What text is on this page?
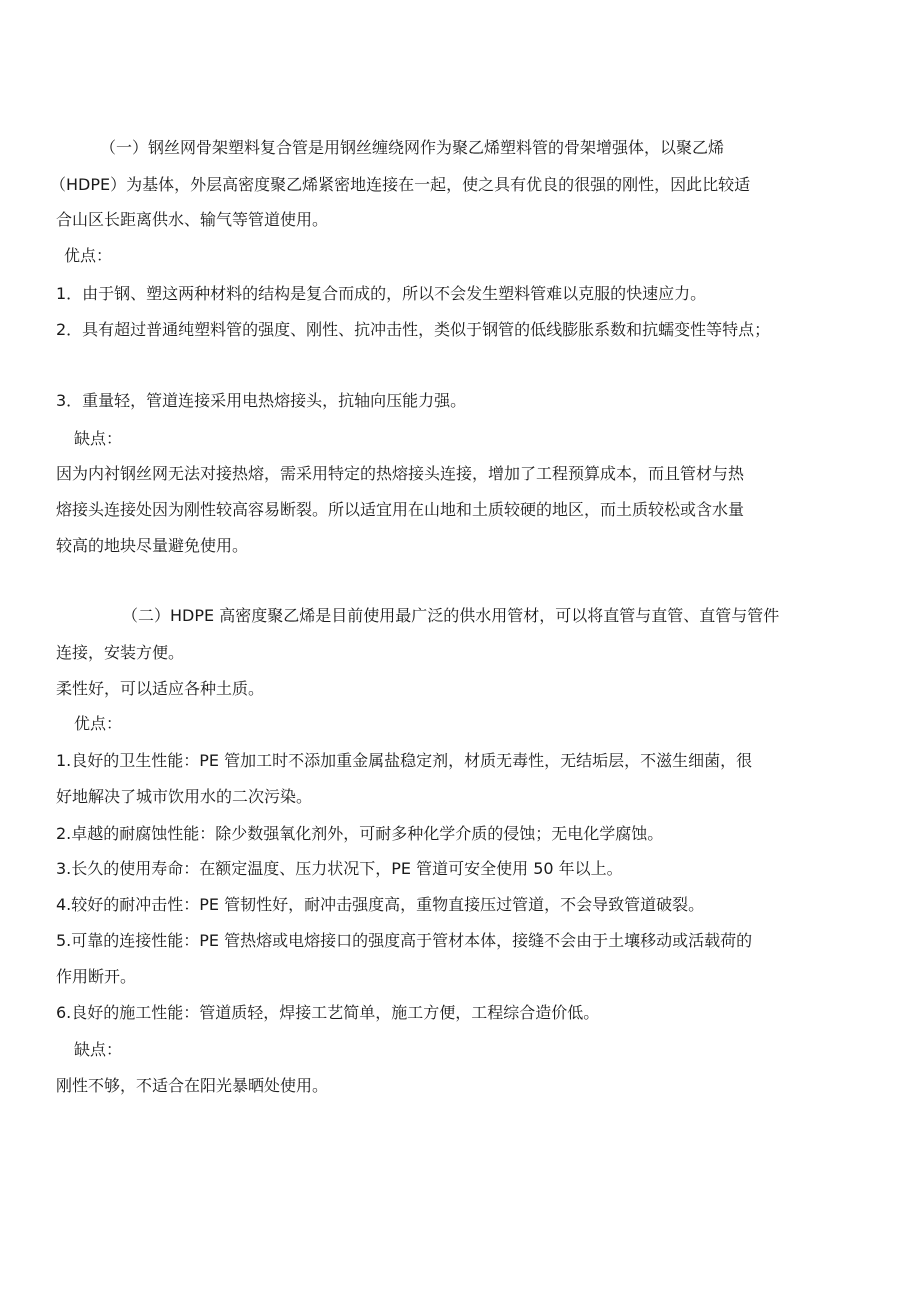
（一）钢丝网骨架塑料复合管是用钢丝缠绕网作为聚乙烯塑料管的骨架增强体，以聚乙烯
（HDPE）为基体，外层高密度聚乙烯紧密地连接在一起，使之具有优良的很强的刚性，因此比较适
合山区长距离供水、输气等管道使用。
优点：
1．由于钢、塑这两种材料的结构是复合而成的，所以不会发生塑料管难以克服的快速应力。
2．具有超过普通纯塑料管的强度、刚性、抗冲击性，类似于钢管的低线膨胀系数和抗蠕变性等特点；
3．重量轻，管道连接采用电热熔接头，抗轴向压能力强。
缺点：
因为内衬钢丝网无法对接热熔，需采用特定的热熔接头连接，增加了工程预算成本，而且管材与热
熔接头连接处因为刚性较高容易断裂。所以适宜用在山地和土质较硬的地区，而土质较松或含水量
较高的地块尽量避免使用。
（二）HDPE 高密度聚乙烯是目前使用最广泛的供水用管材，可以将直管与直管、直管与管件
连接，安装方便。
柔性好，可以适应各种土质。
优点：
1.良好的卫生性能：PE 管加工时不添加重金属盐稳定剂，材质无毒性，无结垢层，不滋生细菌，很
好地解决了城市饮用水的二次污染。
2.卓越的耐腐蚀性能：除少数强氧化剂外，可耐多种化学介质的侵蚀；无电化学腐蚀。
3.长久的使用寿命：在额定温度、压力状况下，PE 管道可安全使用 50 年以上。
4.较好的耐冲击性：PE 管韧性好，耐冲击强度高，重物直接压过管道，不会导致管道破裂。
5.可靠的连接性能：PE 管热熔或电熔接口的强度高于管材本体，接缝不会由于土壤移动或活载荷的
作用断开。
6.良好的施工性能：管道质轻，焊接工艺简单，施工方便，工程综合造价低。
缺点：
刚性不够，不适合在阳光暴晒处使用。
